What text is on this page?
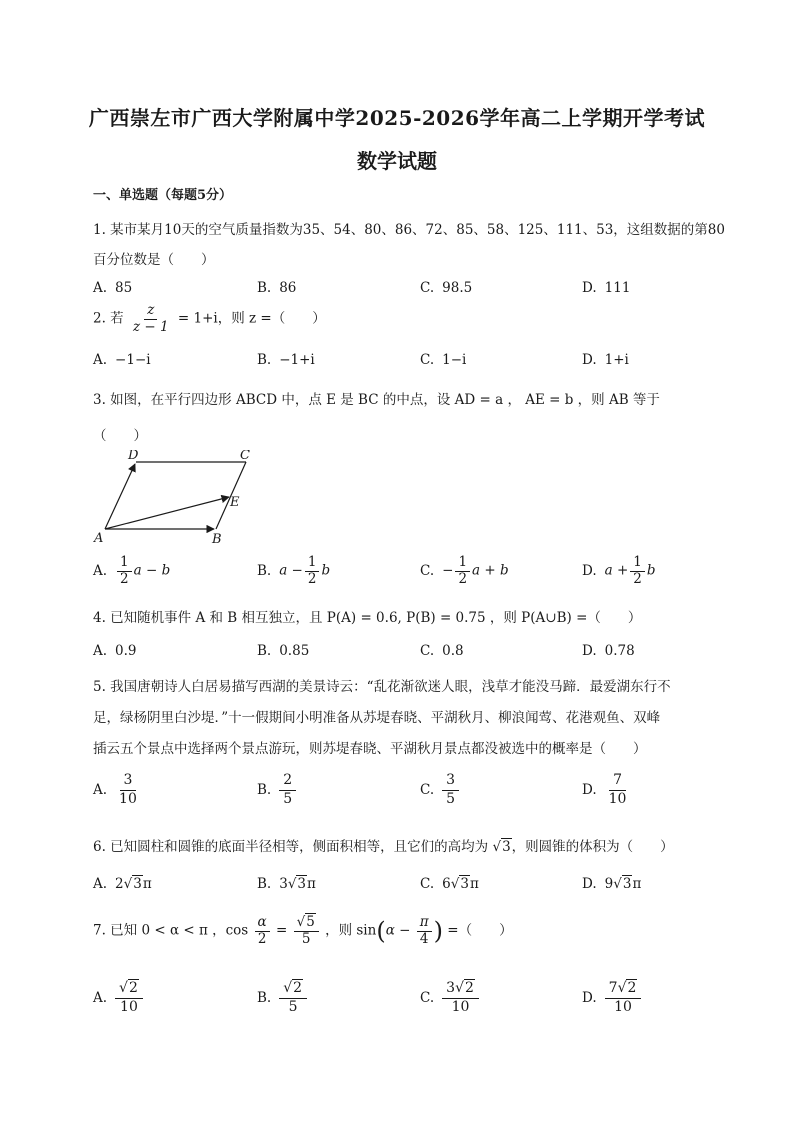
广西崇左市广西大学附属中学2025-2026学年高二上学期开学考试
数学试题
一、单选题（每题5分）
1. 某市某月10天的空气质量指数为35、54、80、86、72、85、58、125、111、53，这组数据的第80
百分位数是（　　）
A. 85	B. 86	C. 98.5	D. 111
2. 若 $\frac{z}{z - 1} = 1+i$，则 z =（　　）
A. −1−i	B. −1+i	C. 1−i	D. 1+i
3. 如图，在平行四边形 ABCD 中，点 E 是 BC 的中点，设 AD = a ， AE = b ，则 AB 等于
（　　）
D	C
E
A	B
A. $\frac{1}{2}$ a − b	B. $a - \frac{1}{2}$ b	C. − $\frac{1}{2}$ a + b	D. $a + \frac{1}{2}$ b
4. 已知随机事件 A 和 B 相互独立，且 P(A) = 0.6, P(B) = 0.75 ，则 P(A∪B) =（　　）
A. 0.9	B. 0.85	C. 0.8	D. 0.78
5. 我国唐朝诗人白居易描写西湖的美景诗云：“乱花渐欲迷人眼，浅草才能没马蹄．最爱湖东行不
足，绿杨阴里白沙堤．”十一假期间小明准备从苏堤春晓、平湖秋月、柳浪闻莺、花港观鱼、双峰
插云五个景点中选择两个景点游玩，则苏堤春晓、平湖秋月景点都没被选中的概率是（　　）
A. $\frac{3}{10}$	B. $\frac{2}{5}$	C. $\frac{3}{5}$	D. $\frac{7}{10}$
6. 已知圆柱和圆锥的底面半径相等，侧面积相等，且它们的高均为 √3，则圆锥的体积为（　　）
A. 2√3π	B. 3√3π	C. 6√3π	D. 9√3π
7. 已知 0 < α < π ，$\cos \frac{\alpha}{2} = \frac{√5}{5}$ ，则 $\sin(\alpha - \frac{\pi}{4}$ ) =（　　）
A. $\frac{√2}{10}$	B. $\frac{√2}{5}$	C. $\frac{3√2}{10}$	D. $\frac{7√2}{10}$
